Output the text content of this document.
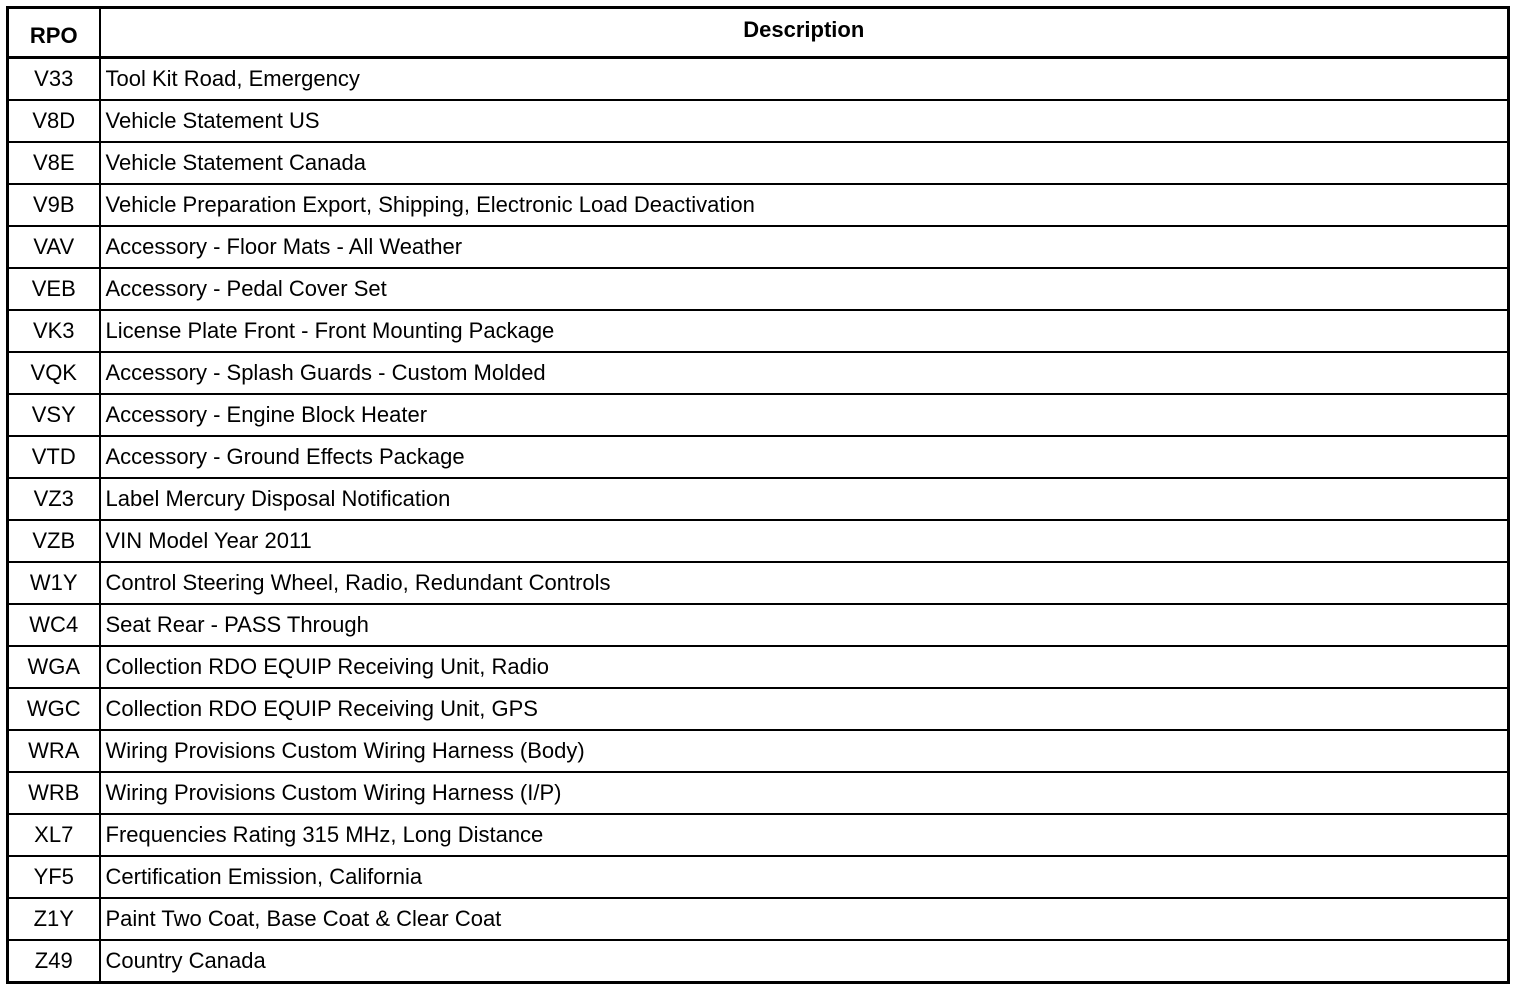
RPO	Description
V33	Tool Kit Road, Emergency
V8D	Vehicle Statement US
V8E	Vehicle Statement Canada
V9B	Vehicle Preparation Export, Shipping, Electronic Load Deactivation
VAV	Accessory - Floor Mats - All Weather
VEB	Accessory - Pedal Cover Set
VK3	License Plate Front - Front Mounting Package
VQK	Accessory - Splash Guards - Custom Molded
VSY	Accessory - Engine Block Heater
VTD	Accessory - Ground Effects Package
VZ3	Label Mercury Disposal Notification
VZB	VIN Model Year 2011
W1Y	Control Steering Wheel, Radio, Redundant Controls
WC4	Seat Rear - PASS Through
WGA	Collection RDO EQUIP Receiving Unit, Radio
WGC	Collection RDO EQUIP Receiving Unit, GPS
WRA	Wiring Provisions Custom Wiring Harness (Body)
WRB	Wiring Provisions Custom Wiring Harness (I/P)
XL7	Frequencies Rating 315 MHz, Long Distance
YF5	Certification Emission, California
Z1Y	Paint Two Coat, Base Coat & Clear Coat
Z49	Country Canada
